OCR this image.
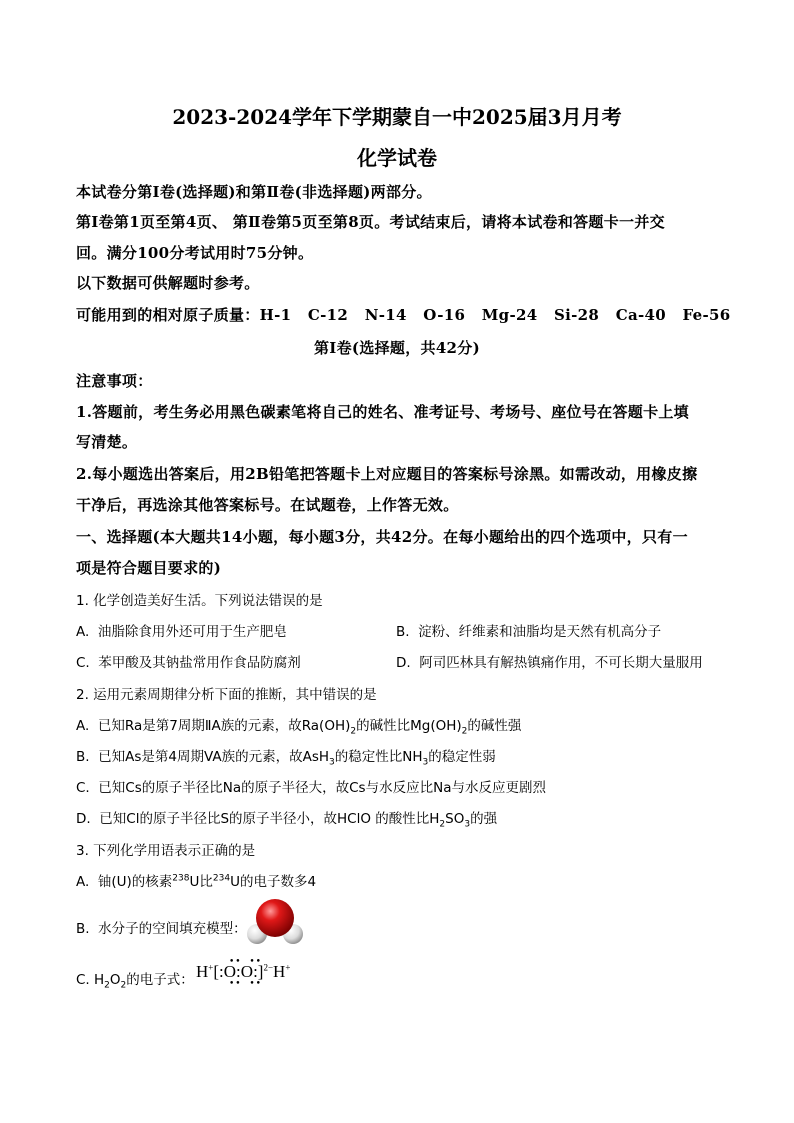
2023-2024学年下学期蒙自一中2025届3月月考
化学试卷
本试卷分第Ⅰ卷(选择题)和第Ⅱ卷(非选择题)两部分。
第Ⅰ卷第1页至第4页、 第Ⅱ卷第5页至第8页。考试结束后，请将本试卷和答题卡一并交
回。满分100分考试用时75分钟。
以下数据可供解题时参考。
可能用到的相对原子质量：H-1   C-12   N-14   O-16   Mg-24   Si-28   Ca-40   Fe-56
第Ⅰ卷(选择题，共42分)
注意事项：
1.答题前，考生务必用黑色碳素笔将自己的姓名、准考证号、考场号、座位号在答题卡上填
写清楚。
2.每小题选出答案后，用2B铅笔把答题卡上对应题目的答案标号涂黑。如需改动，用橡皮擦
干净后，再选涂其他答案标号。在试题卷，上作答无效。
一、选择题(本大题共14小题，每小题3分，共42分。在每小题给出的四个选项中，只有一
项是符合题目要求的)
1. 化学创造美好生活。下列说法错误的是
A.  油脂除食用外还可用于生产肥皂	B.  淀粉、纤维素和油脂均是天然有机高分子
C.  苯甲酸及其钠盐常用作食品防腐剂	D.  阿司匹林具有解热镇痛作用，不可长期大量服用
2. 运用元素周期律分析下面的推断，其中错误的是
A.  已知Ra是第7周期ⅡA族的元素，故$Ra(OH)_2$的碱性比$Mg(OH)_2$的碱性强
B.  已知As是第4周期VA族的元素，故AsH$_3$的稳定性比$NH_3$的稳定性弱
C.  已知Cs的原子半径比Na的原子半径大，故Cs与水反应比Na与水反应更剧烈
D.  已知Cl的原子半径比S的原子半径小，故HClO 的酸性比$H_2SO_3$的强
3. 下列化学用语表示正确的是
A.  铀(U)的核素$^{238}$U比$^{234}$U的电子数多4
B.  水分子的空间填充模型：
C. $H_2O_2$的电子式： H+[:O:O:]$^{2-}$H+
••  ••
••  ••
